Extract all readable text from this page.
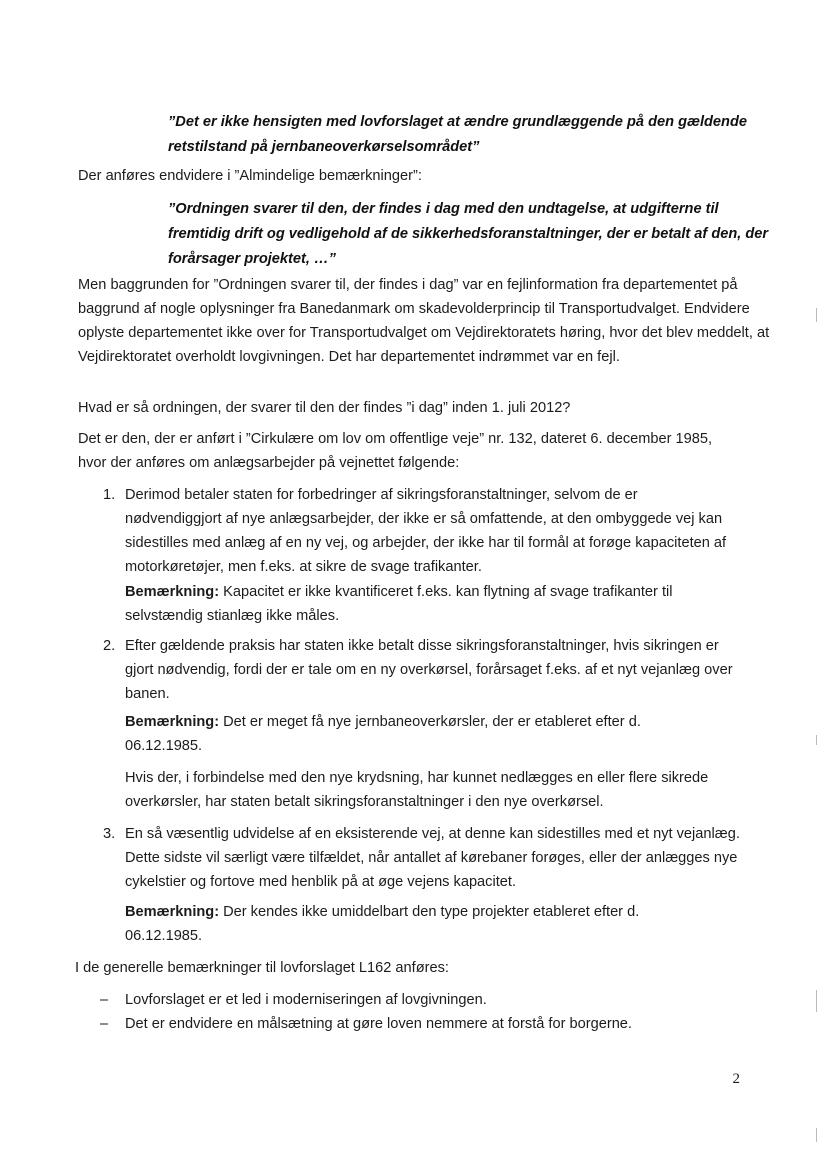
”Det er ikke hensigten med lovforslaget at ændre grundlæggende på den gældende retstilstand på jernbaneoverkørselsområdet”

Der anføres endvidere i ”Almindelige bemærkninger”:

”Ordningen svarer til den, der findes i dag med den undtagelse, at udgifterne til fremtidig drift og vedligehold af de sikkerhedsforanstaltninger, der er betalt af den, der forårsager projektet, …”

Men baggrunden for ”Ordningen svarer til, der findes i dag” var en fejlinformation fra departementet på baggrund af nogle oplysninger fra Banedanmark om skadevolderprincip til Transportudvalget. Endvidere oplyste departementet ikke over for Transportudvalget om Vejdirektoratets høring, hvor det blev meddelt, at Vejdirektoratet overholdt lovgivningen. Det har departementet indrømmet var en fejl.

Hvad er så ordningen, der svarer til den der findes ”i dag” inden 1. juli 2012?

Det er den, der er anført i ”Cirkulære om lov om offentlige veje” nr. 132, dateret 6. december 1985, hvor der anføres om anlægsarbejder på vejnettet følgende:

1. Derimod betaler staten for forbedringer af sikringsforanstaltninger, selvom de er nødvendiggjort af nye anlægsarbejder, der ikke er så omfattende, at den ombyggede vej kan sidestilles med anlæg af en ny vej, og arbejder, der ikke har til formål at forøge kapaciteten af motorkøretøjer, men f.eks. at sikre de svage trafikanter.

Bemærkning: Kapacitet er ikke kvantificeret f.eks. kan flytning af svage trafikanter til selvstændig stianlæg ikke måles.

2. Efter gældende praksis har staten ikke betalt disse sikringsforanstaltninger, hvis sikringen er gjort nødvendig, fordi der er tale om en ny overkørsel, forårsaget f.eks. af et nyt vejanlæg over banen.

Bemærkning: Det er meget få nye jernbaneoverkørsler, der er etableret efter d. 06.12.1985.

Hvis der, i forbindelse med den nye krydsning, har kunnet nedlægges en eller flere sikrede overkørsler, har staten betalt sikringsforanstaltninger i den nye overkørsel.

3. En så væsentlig udvidelse af en eksisterende vej, at denne kan sidestilles med et nyt vejanlæg. Dette sidste vil særligt være tilfældet, når antallet af kørebaner forøges, eller der anlægges nye cykelstier og fortove med henblik på at øge vejens kapacitet.

Bemærkning: Der kendes ikke umiddelbart den type projekter etableret efter d. 06.12.1985.

I de generelle bemærkninger til lovforslaget L162 anføres:

– Lovforslaget er et led i moderniseringen af lovgivningen.

– Det er endvidere en målsætning at gøre loven nemmere at forstå for borgerne.

2
